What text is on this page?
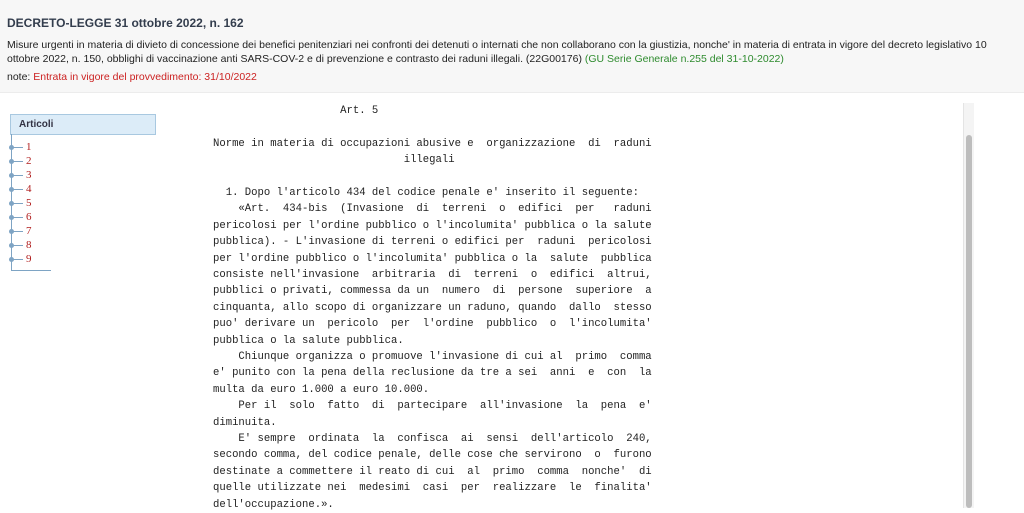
DECRETO-LEGGE 31 ottobre 2022, n. 162
Misure urgenti in materia di divieto di concessione dei benefici penitenziari nei confronti dei detenuti o internati che non collaborano con la giustizia, nonche' in materia di entrata in vigore del decreto legislativo 10 ottobre 2022, n. 150, obblighi di vaccinazione anti SARS-COV-2 e di prevenzione e contrasto dei raduni illegali. (22G00176) (GU Serie Generale n.255 del 31-10-2022)
note: Entrata in vigore del provvedimento: 31/10/2022
Articoli
1
2
3
4
5
6
7
8
9
Art. 5
Norme in materia di occupazioni abusive e  organizzazione  di  raduni
illegali
1. Dopo l'articolo 434 del codice penale e' inserito il seguente:
«Art.  434-bis  (Invasione  di  terreni  o  edifici  per   raduni
pericolosi per l'ordine pubblico o l'incolumita' pubblica o la salute
pubblica). - L'invasione di terreni o edifici per  raduni  pericolosi
per l'ordine pubblico o l'incolumita' pubblica o la  salute  pubblica
consiste nell'invasione  arbitraria  di  terreni  o  edifici  altrui,
pubblici o privati, commessa da un  numero  di  persone  superiore  a
cinquanta, allo scopo di organizzare un raduno, quando  dallo  stesso
puo' derivare un  pericolo  per  l'ordine  pubblico  o  l'incolumita'
pubblica o la salute pubblica.
Chiunque organizza o promuove l'invasione di cui al  primo  comma
e' punito con la pena della reclusione da tre a sei  anni  e  con  la
multa da euro 1.000 a euro 10.000.
Per il  solo  fatto  di  partecipare  all'invasione  la  pena  e'
diminuita.
E' sempre  ordinata  la  confisca  ai  sensi  dell'articolo  240,
secondo comma, del codice penale, delle cose che servirono  o  furono
destinate a commettere il reato di cui  al  primo  comma  nonche'  di
quelle utilizzate nei  medesimi  casi  per  realizzare  le  finalita'
dell'occupazione.».
